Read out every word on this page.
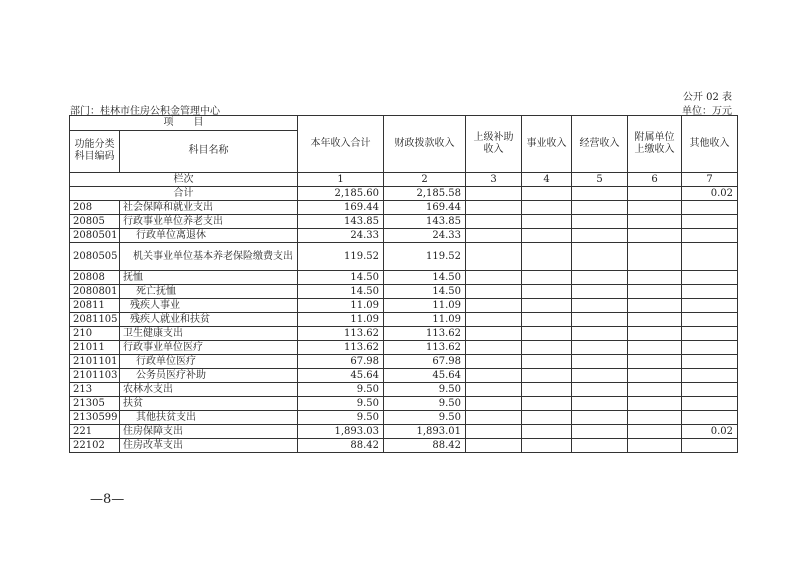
公开 02 表
部门：桂林市住房公积金管理中心	单位：万元
项　　目		本年收入合计	财政拨款收入	上级补助收入	事业收入	经营收入	附属单位上缴收入	其他收入
功能分类科目编码	科目名称							
栏次		1	2	3	4	5	6	7
合计		2,185.60	2,185.58					0.02
208	社会保障和就业支出	169.44	169.44					
20805	行政事业单位养老支出	143.85	143.85					
2080501	行政单位离退休	24.33	24.33					
2080505	机关事业单位基本养老保险缴费支出	119.52	119.52					
20808	抚恤	14.50	14.50					
2080801	死亡抚恤	14.50	14.50					
20811	残疾人事业	11.09	11.09					
2081105	残疾人就业和扶贫	11.09	11.09					
210	卫生健康支出	113.62	113.62					
21011	行政事业单位医疗	113.62	113.62					
2101101	行政单位医疗	67.98	67.98					
2101103	公务员医疗补助	45.64	45.64					
213	农林水支出	9.50	9.50					
21305	扶贫	9.50	9.50					
2130599	其他扶贫支出	9.50	9.50					
221	住房保障支出	1,893.03	1,893.01					0.02
22102	住房改革支出	88.42	88.42					
—8—
